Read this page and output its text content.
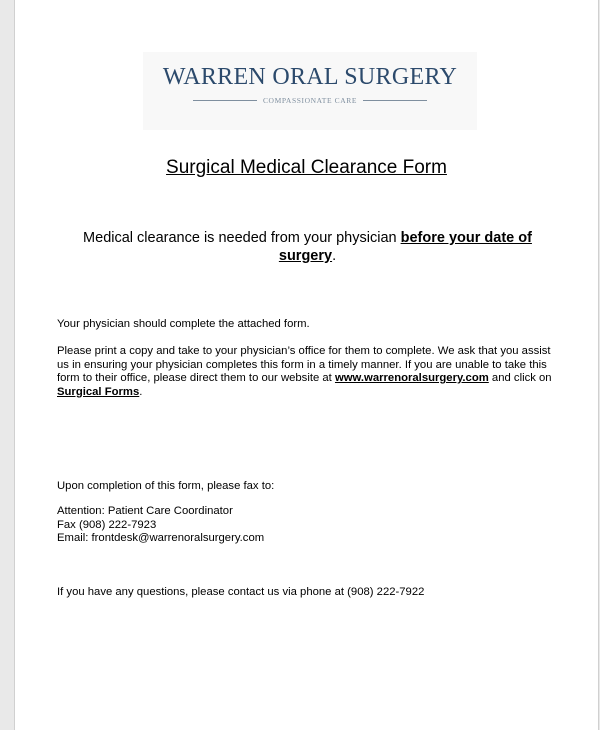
WARREN ORAL SURGERY
COMPASSIONATE CARE
Surgical Medical Clearance Form
Medical clearance is needed from your physician before your date of surgery.
Your physician should complete the attached form.
Please print a copy and take to your physician’s office for them to complete. We ask that you assist us in ensuring your physician completes this form in a timely manner. If you are unable to take this form to their office, please direct them to our website at www.warrenoralsurgery.com and click on Surgical Forms.
Upon completion of this form, please fax to:
Attention: Patient Care Coordinator
Fax (908) 222-7923
Email: frontdesk@warrenoralsurgery.com
If you have any questions, please contact us via phone at (908) 222-7922
